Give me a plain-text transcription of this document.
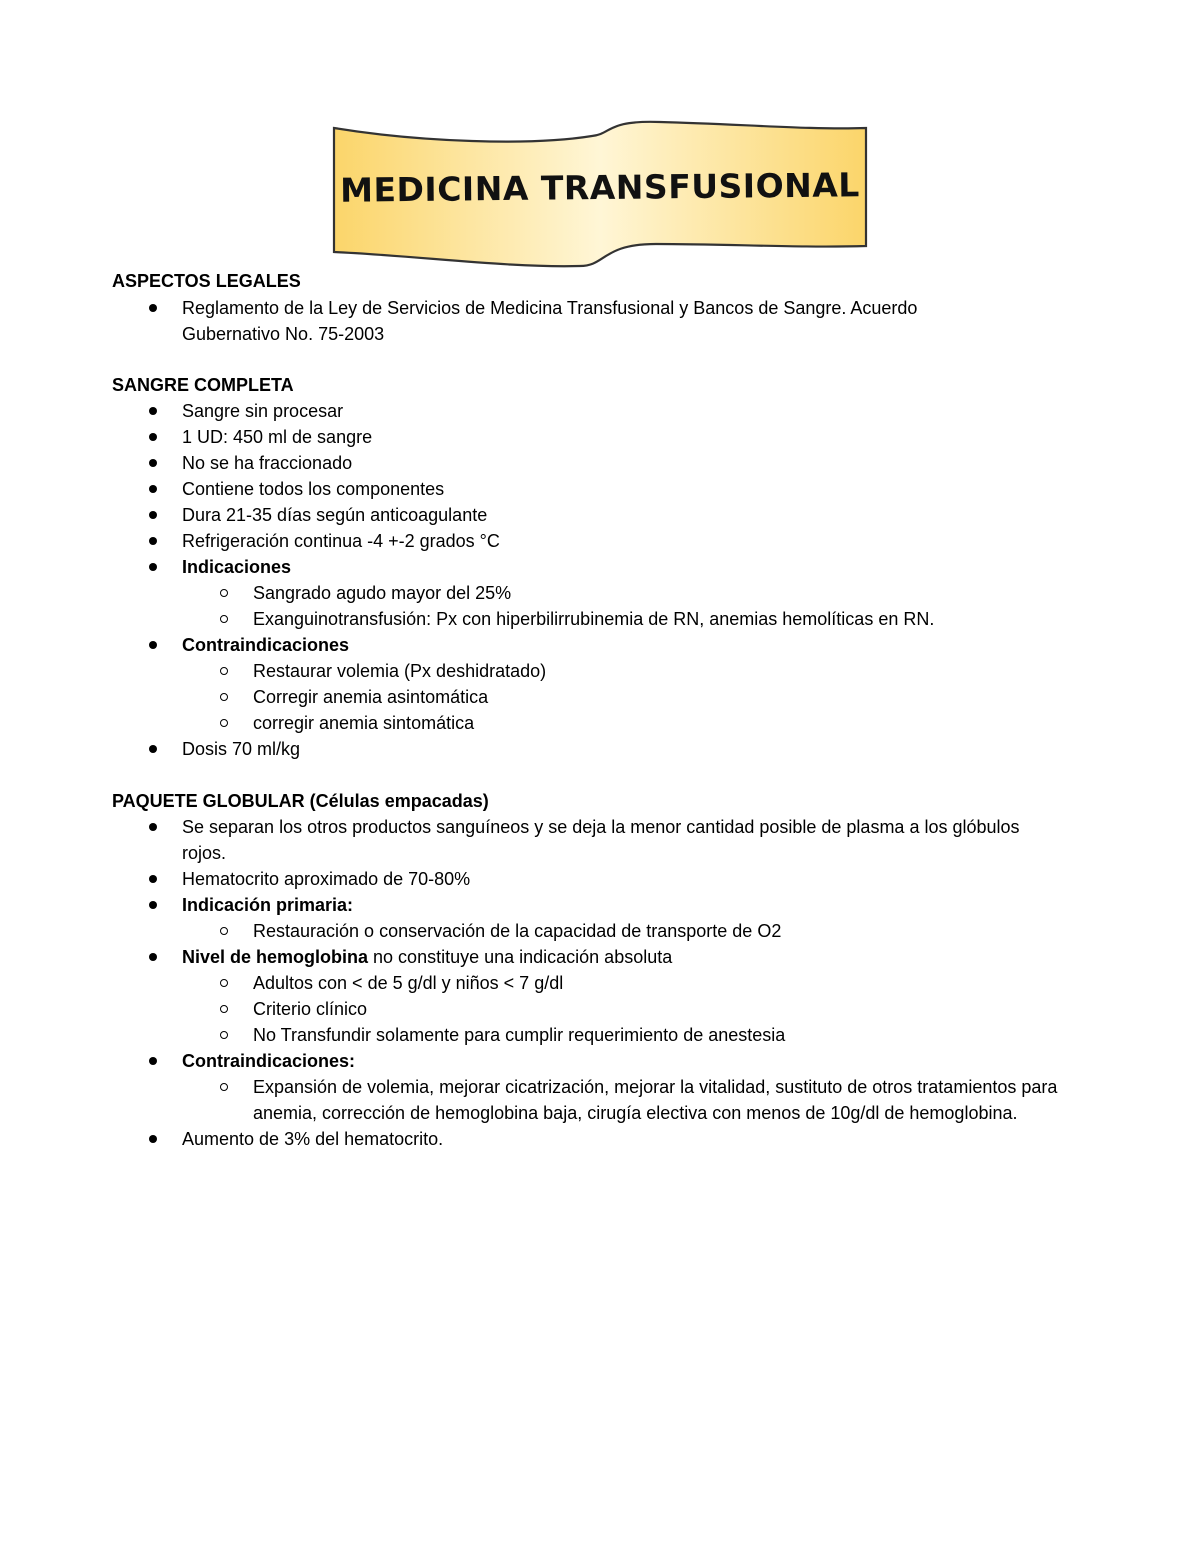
MEDICINA TRANSFUSIONAL
ASPECTOS LEGALES
Reglamento de la Ley de Servicios de Medicina Transfusional y Bancos de Sangre. Acuerdo Gubernativo No. 75-2003
SANGRE COMPLETA
Sangre sin procesar
1 UD: 450 ml de sangre
No se ha fraccionado
Contiene todos los componentes
Dura 21-35 días según anticoagulante
Refrigeración continua -4 +-2 grados °C
Indicaciones
Sangrado agudo mayor del 25%
Exanguinotransfusión: Px con hiperbilirrubinemia de RN, anemias hemolíticas en RN.
Contraindicaciones
Restaurar volemia (Px deshidratado)
Corregir anemia asintomática
corregir anemia sintomática
Dosis 70 ml/kg
PAQUETE GLOBULAR (Células empacadas)
Se separan los otros productos sanguíneos y se deja la menor cantidad posible de plasma a los glóbulos rojos.
Hematocrito aproximado de 70-80%
Indicación primaria:
Restauración o conservación de la capacidad de transporte de O2
Nivel de hemoglobina no constituye una indicación absoluta
Adultos con < de 5 g/dl y niños < 7 g/dl
Criterio clínico
No Transfundir solamente para cumplir requerimiento de anestesia
Contraindicaciones:
Expansión de volemia, mejorar cicatrización, mejorar la vitalidad, sustituto de otros tratamientos para anemia, corrección de hemoglobina baja, cirugía electiva con menos de 10g/dl de hemoglobina.
Aumento de 3% del hematocrito.
